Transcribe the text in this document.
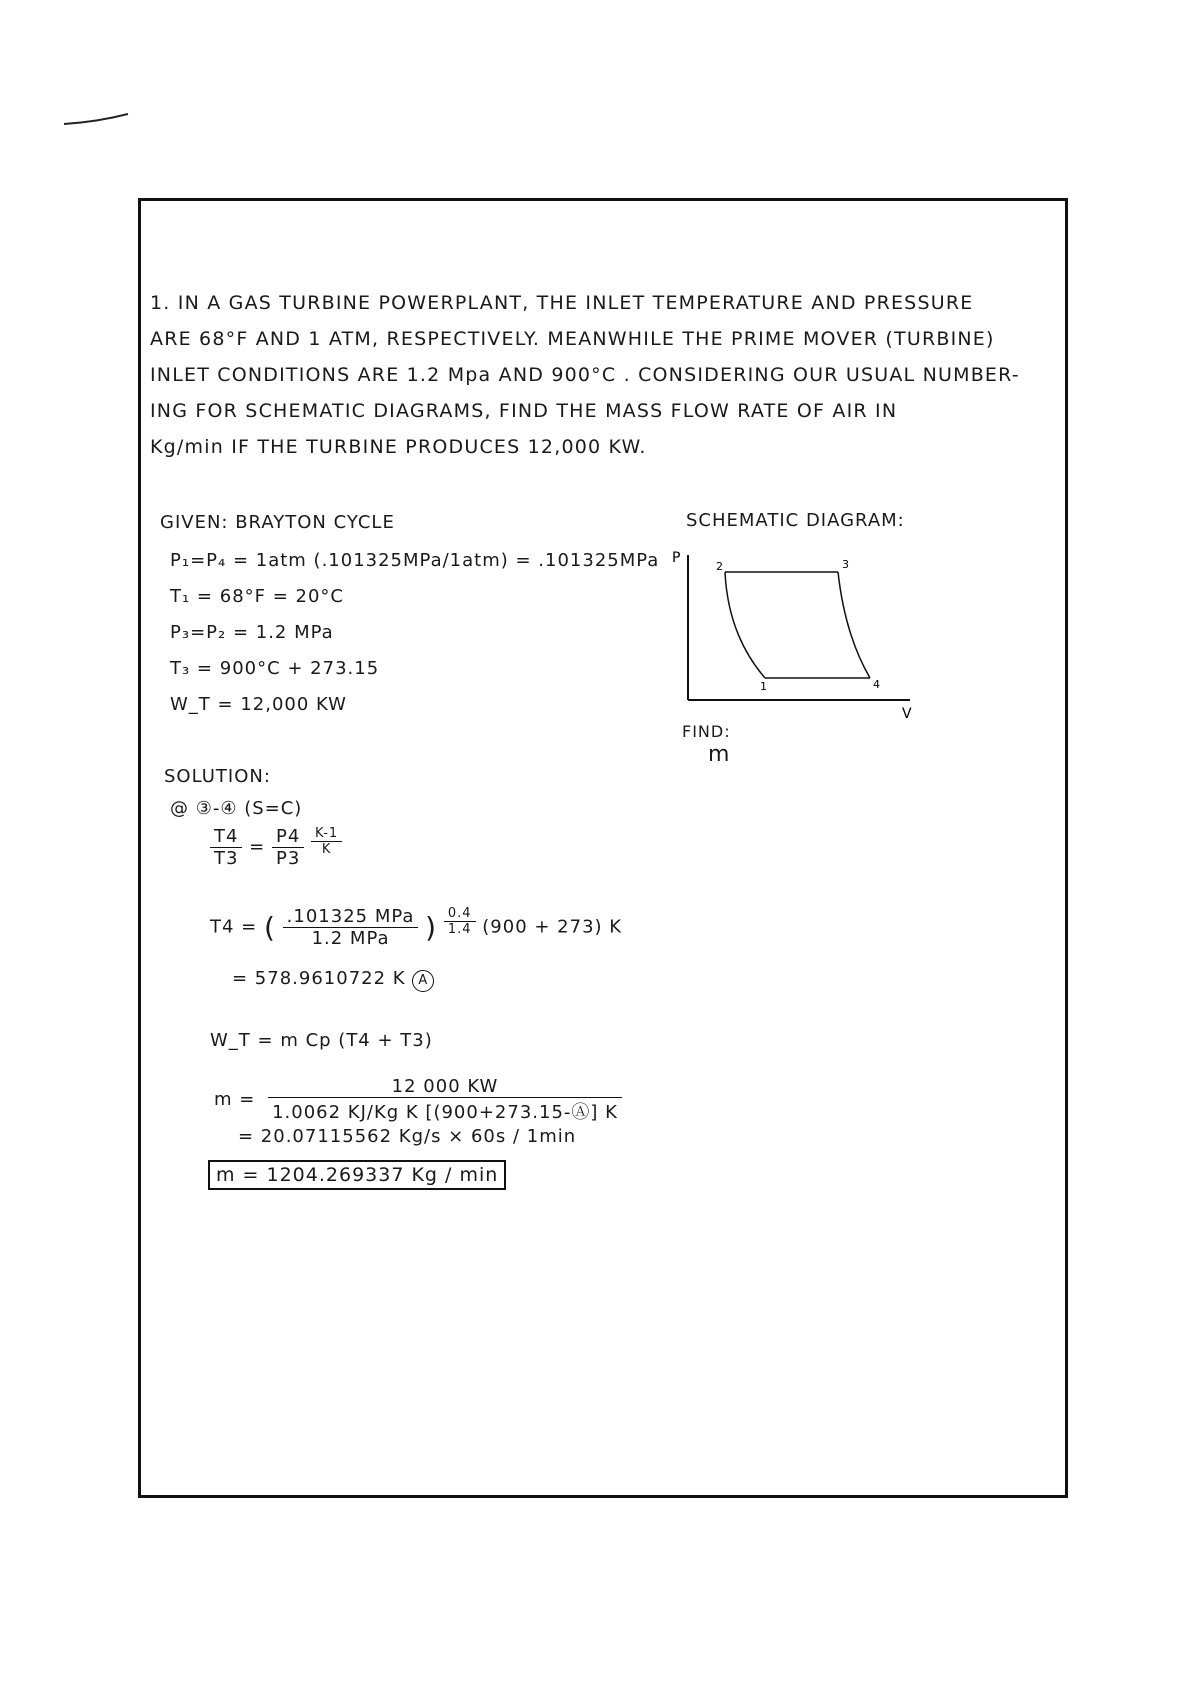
1. IN A GAS TURBINE POWERPLANT, THE INLET TEMPERATURE AND PRESSURE
ARE 68°F AND 1 ATM, RESPECTIVELY. MEANWHILE THE PRIME MOVER (TURBINE)
INLET CONDITIONS ARE 1.2 Mpa AND 900°C . CONSIDERING OUR USUAL NUMBER-
ING FOR SCHEMATIC DIAGRAMS, FIND THE MASS FLOW RATE OF AIR IN
Kg/min IF THE TURBINE PRODUCES 12,000 KW.
GIVEN: BRAYTON CYCLE
P₁=P₄ = 1atm (.101325MPa/1atm) = .101325MPa
T₁ = 68°F = 20°C
P₃=P₂ = 1.2 MPa
T₃ = 900°C + 273.15
W_T = 12,000 KW
SCHEMATIC DIAGRAM:
P
V
2	3
1	4
FIND:
m
SOLUTION:
@ ③-④ (S=C)
$\frac{T4}{T3} = \frac{P4}{P3}$
$\frac{K-1}{K}$
T4 = ( $\frac{\text{.101325 MPa}}{\text{1.2 MPa}}$ ) $\frac{0.4}{1.4} (900 + 273)$ K
= 578.9610722 K A
W_T = m Cp (T4 + T3)
$m = \frac{12 000 KW}{\text{1.0062 KJ/Kg K [(900+273.15-Ⓐ] K}}$
= 20.07115562 Kg/s × 60s / 1min
m = 1204.269337 Kg / min
